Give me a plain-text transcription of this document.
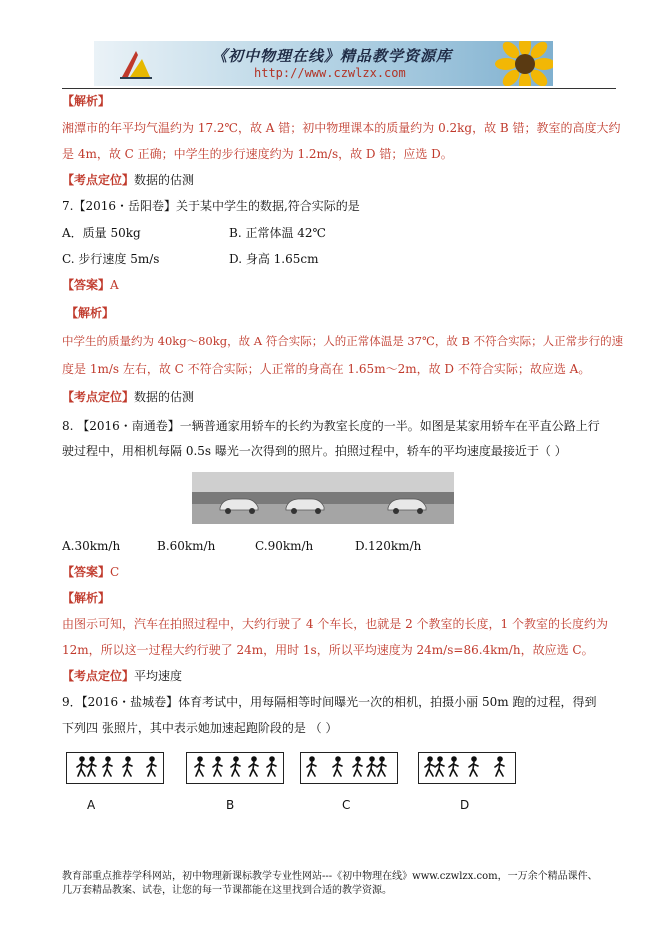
《初中物理在线》精品教学资源库
http://www.czwlzx.com
【解析】
湘潭市的年平均气温约为 17.2℃，故 A 错；初中物理课本的质量约为 0.2kg，故 B 错；教室的高度大约
是 4m，故 C 正确；中学生的步行速度约为 1.2m/s，故 D 错；应选 D。
【考点定位】数据的估测
7.【2016・岳阳卷】关于某中学生的数据,符合实际的是
A．质量 50kg	B. 正常体温 42℃
C. 步行速度 5m/s	D. 身高 1.65cm
【答案】A
【解析】
中学生的质量约为 40kg～80kg，故 A 符合实际；人的正常体温是 37℃，故 B 不符合实际；人正常步行的速
度是 1m/s 左右，故 C 不符合实际；人正常的身高在 1.65m～2m，故 D 不符合实际；故应选 A。
【考点定位】数据的估测
8. 【2016・南通卷】一辆普通家用轿车的长约为教室长度的一半。如图是某家用轿车在平直公路上行
驶过程中，用相机每隔 0.5s 曝光一次得到的照片。拍照过程中，轿车的平均速度最接近于（ ）
A.30km/h	B.60km/h	C.90km/h	D.120km/h
【答案】C
【解析】
由图示可知，汽车在拍照过程中，大约行驶了 4 个车长，也就是 2 个教室的长度，1 个教室的长度约为
12m，所以这一过程大约行驶了 24m，用时 1s，所以平均速度为 24m/s=86.4km/h，故应选 C。
【考点定位】平均速度
9．【2016・盐城卷】体育考试中，用每隔相等时间曝光一次的相机，拍摄小丽 50m 跑的过程，得到
下列四 张照片，其中表示她加速起跑阶段的是 （ ）
A	B	C	D
教育部重点推荐学科网站，初中物理新课标教学专业性网站---《初中物理在线》www.czwlzx.com，一万余个精品课件、
几万套精品教案、试卷，让您的每一节课都能在这里找到合适的教学资源。
